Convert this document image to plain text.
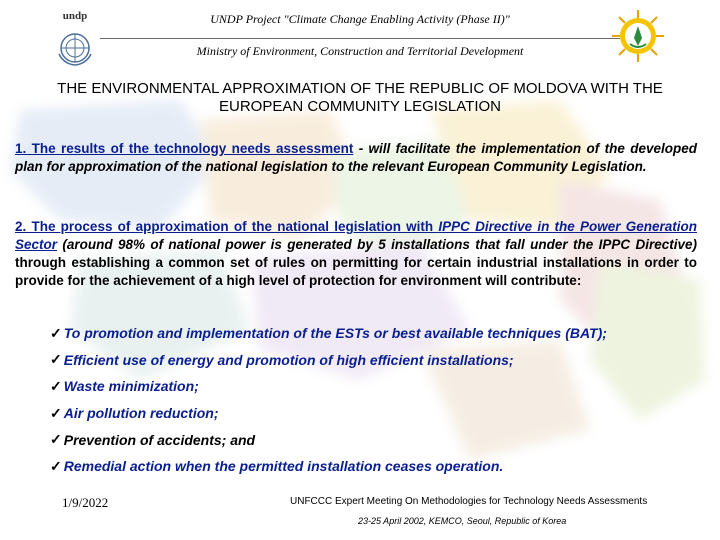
undp	UNDP Project "Climate Change Enabling Activity (Phase II)"
Ministry of Environment, Construction and Territorial Development
THE ENVIRONMENTAL APPROXIMATION OF THE REPUBLIC OF MOLDOVA WITH THE EUROPEAN COMMUNITY LEGISLATION
1. The results of the technology needs assessment - will facilitate the implementation of the developed plan for approximation of the national legislation to the relevant European Community Legislation.
2. The process of approximation of the national legislation with IPPC Directive in the Power Generation Sector (around 98% of national power is generated by 5 installations that fall under the IPPC Directive) through establishing a common set of rules on permitting for certain industrial installations in order to provide for the achievement of a high level of protection for environment will contribute:
✓ To promotion and implementation of the ESTs or best available techniques (BAT);
✓ Efficient use of energy and promotion of high efficient installations;
✓ Waste minimization;
✓ Air pollution reduction;
✓ Prevention of accidents; and
✓ Remedial action when the permitted installation ceases operation.
1/9/2022	UNFCCC Expert Meeting On Methodologies for Technology Needs Assessments
23-25 April 2002, KEMCO, Seoul, Republic of Korea
